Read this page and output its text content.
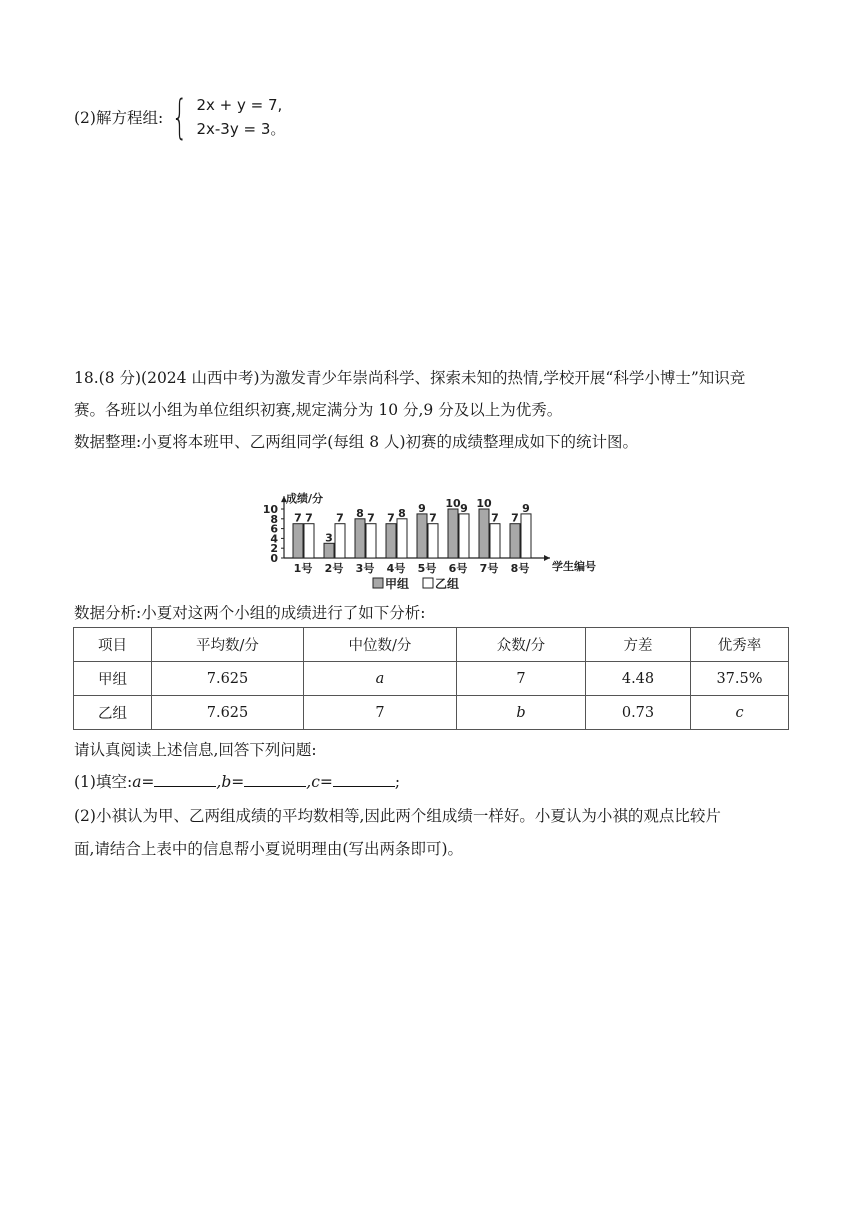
(2)解方程组: { 2x + y = 7,
2x-3y = 3。
18.(8 分)(2024 山西中考)为激发青少年崇尚科学、探索未知的热情,学校开展“科学小博士”知识竞
赛。各班以小组为单位组织初赛,规定满分为 10 分,9 分及以上为优秀。
数据整理:小夏将本班甲、乙两组同学(每组 8 人)初赛的成绩整理成如下的统计图。
成绩/分
学生编号
0
2
4
6
8
10
7 7
1号
3
7
2号
8 7
3号
7 8
4号
9
7
5号
10 9
6号
10
7
7号
7
9
8号
甲组 乙组
数据分析:小夏对这两个小组的成绩进行了如下分析:
项目	平均数/分	中位数/分	众数/分	方差	优秀率
甲组	7.625	a	7	4.48	37.5%
乙组	7.625	7	b	0.73	c
请认真阅读上述信息,回答下列问题:
(1)填空:a=	,b=	,c=	;
(2)小祺认为甲、乙两组成绩的平均数相等,因此两个组成绩一样好。小夏认为小祺的观点比较片
面,请结合上表中的信息帮小夏说明理由(写出两条即可)。
